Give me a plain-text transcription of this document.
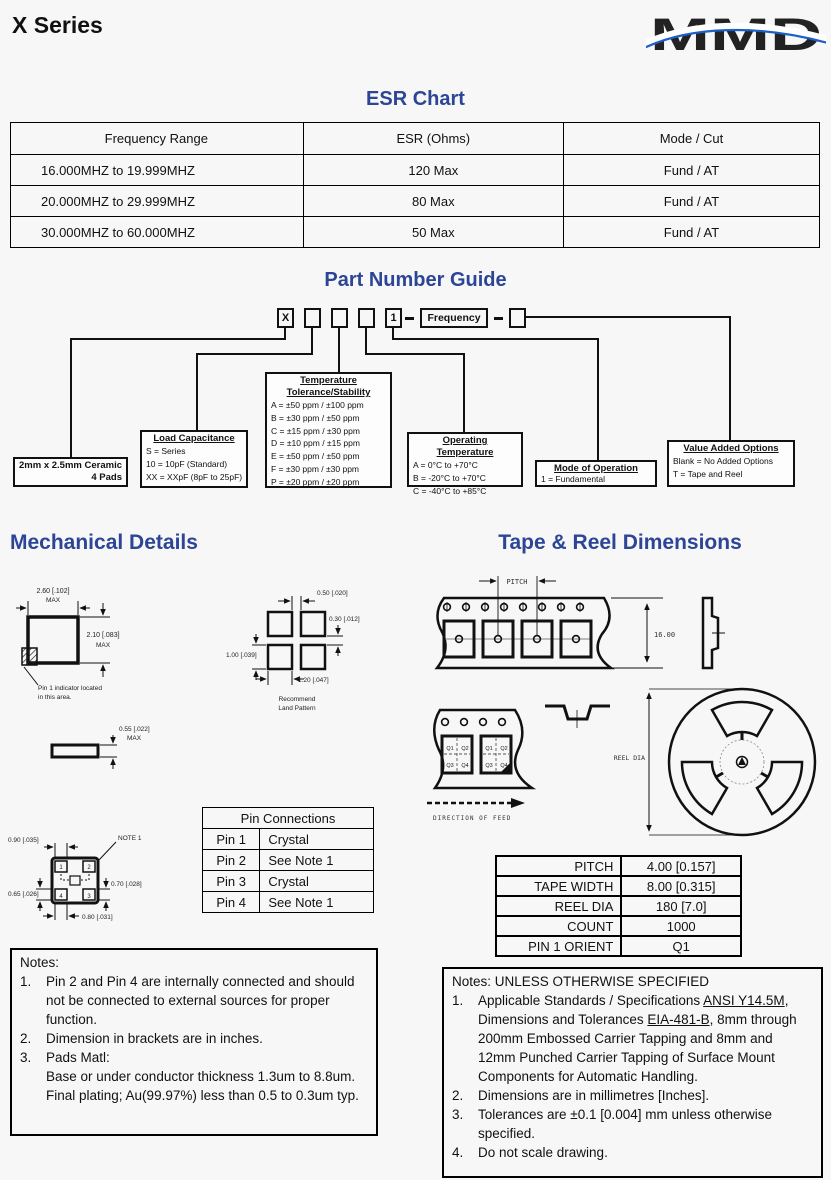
X Series	MMD
ESR Chart
Frequency Range	ESR (Ohms)	Mode / Cut
16.000MHZ to 19.999MHZ	120 Max	Fund / AT
20.000MHZ to 29.999MHZ	80 Max	Fund / AT
30.000MHZ to 60.000MHZ	50 Max	Fund / AT
Part Number Guide
X	1	Frequency
2mm x 2.5mm Ceramic
4 Pads
Load Capacitance
S = Series
10 = 10pF (Standard)
XX = XXpF (8pF to 25pF)
Temperature
Tolerance/Stability
A = ±50 ppm / ±100 ppm
B = ±30 ppm / ±50 ppm
C = ±15 ppm / ±30 ppm
D = ±10 ppm / ±15 ppm
E = ±50 ppm / ±50 ppm
F = ±30 ppm / ±30 ppm
P = ±20 ppm / ±20 ppm
Operating Temperature
A = 0°C to +70°C
B = -20°C to +70°C
C = -40°C to +85°C
Mode of Operation
1 = Fundamental
Value Added Options
Blank = No Added Options
T = Tape and Reel
Mechanical Details	Tape & Reel Dimensions
2.60 [.102]
MAX
2.10 [.083]
MAX
Pin 1 indicator located
in this area.
0.50 [.020]
0.30 [.012]
1.00 [.039]
1.20 [.047]
Recommend
Land Pattern
0.55 [.022]
MAX
1	2
4	3
0.90 [.035]	NOTE 1
0.70 [.028]
0.65 [.026]
0.80 [.031]
PITCH
16.00
Q1 Q2
Q3 Q4
Q1 Q2
Q3 Q4
DIRECTION OF FEED
REEL DIA
Pin Connections	
Pin 1	Crystal
Pin 2	See Note 1
Pin 3	Crystal
Pin 4	See Note 1
PITCH	4.00 [0.157]
TAPE WIDTH	8.00 [0.315]
REEL DIA	180 [7.0]
COUNT	1000
PIN 1 ORIENT	Q1
Notes:
1.	Pin 2 and Pin 4 are internally connected and should not be connected to external sources for proper function.
2.	Dimension in brackets are in inches.
3.	Pads Matl:
Base or under conductor thickness 1.3um to 8.8um.
Final plating; Au(99.97%) less than 0.5 to 0.3um typ.
Notes: UNLESS OTHERWISE SPECIFIED
1.	Applicable Standards / Specifications ANSI Y14.5M, Dimensions and Tolerances EIA-481-B, 8mm through 200mm Embossed Carrier Tapping and 8mm and 12mm Punched Carrier Tapping of Surface Mount Components for Automatic Handling.
2.	Dimensions are in millimetres [Inches].
3.	Tolerances are ±0.1 [0.004] mm unless otherwise specified.
4.	Do not scale drawing.
